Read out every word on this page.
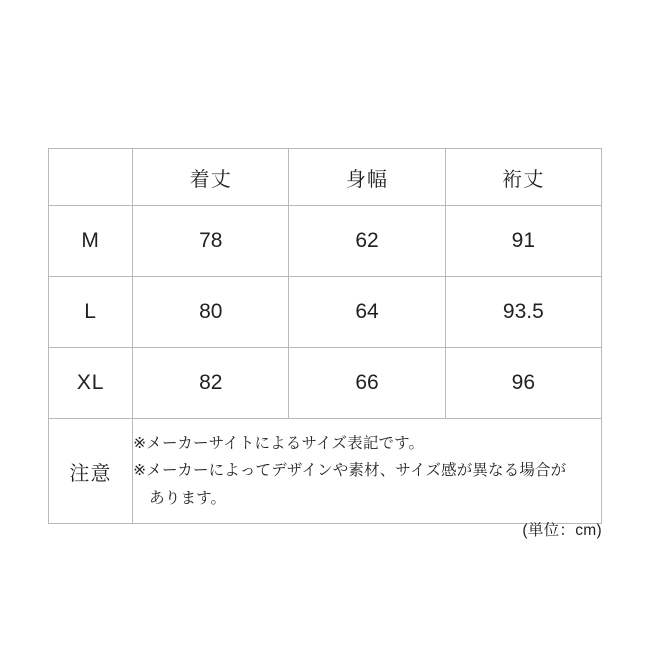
	着丈	身幅	裄丈
M	78	62	91
L	80	64	93.5
XL	82	66	96
注意	※メーカーサイトによるサイズ表記です。
※メーカーによってデザインや素材、サイズ感が異なる場合が
あります。		
(単位：cm)
